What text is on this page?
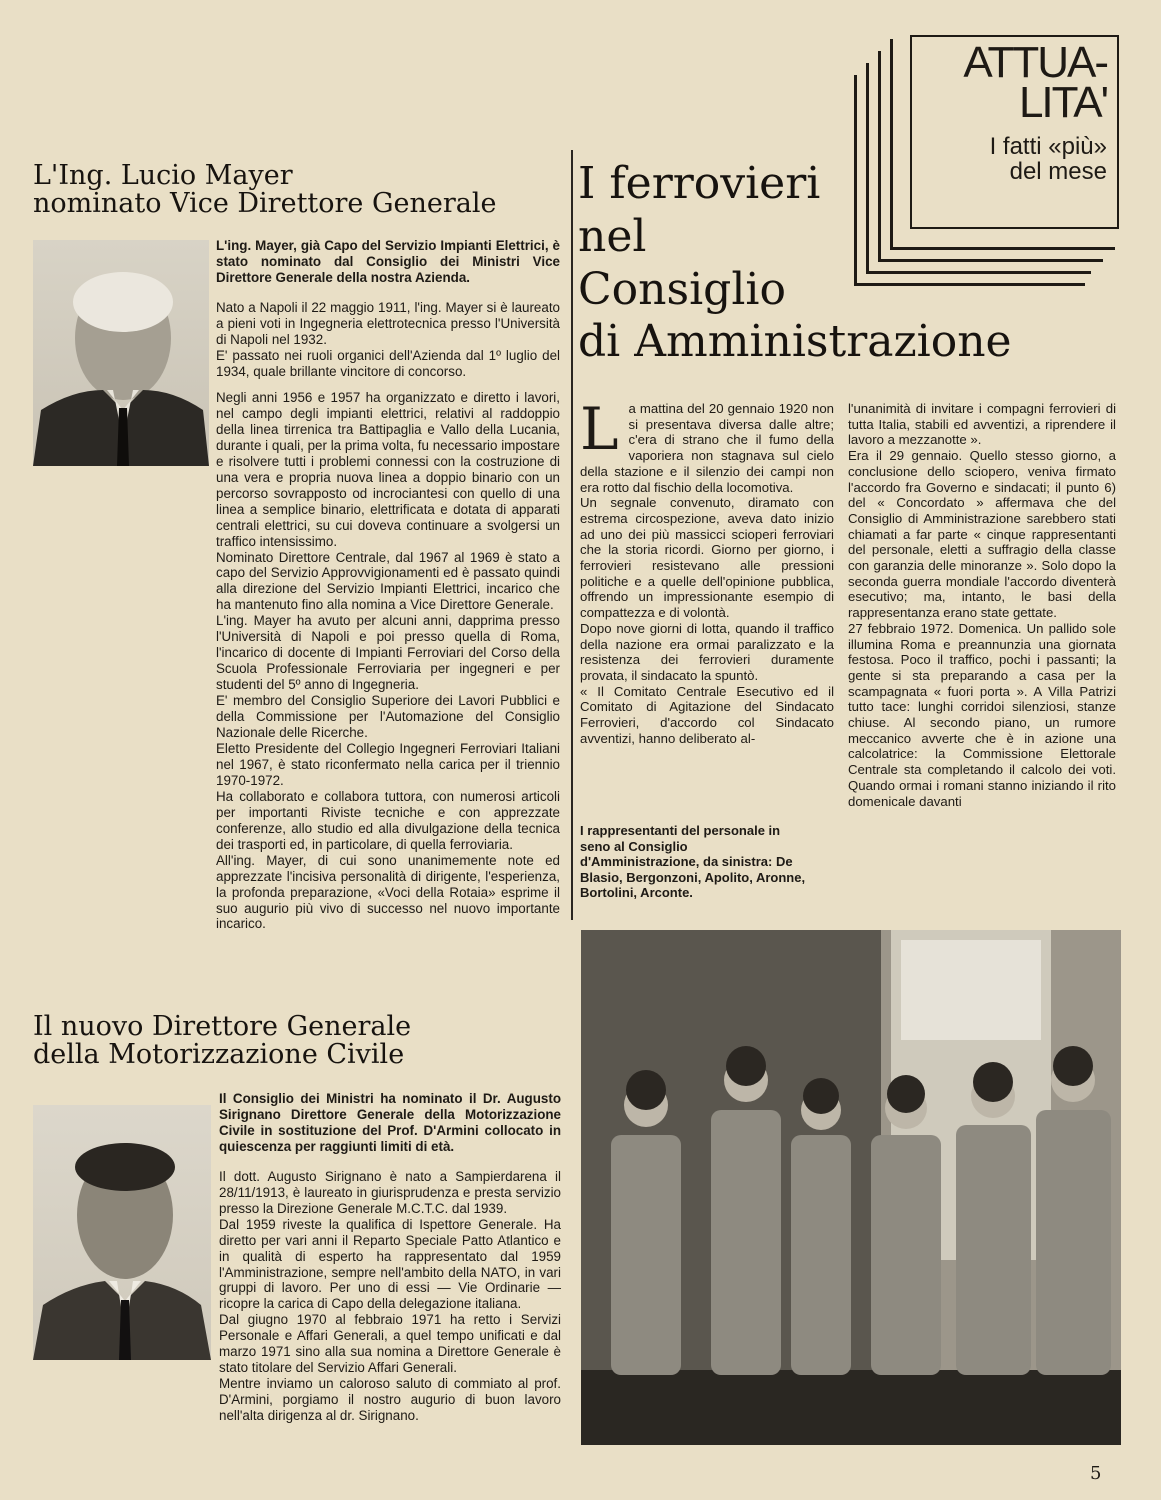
L'Ing. Lucio Mayer
nominato Vice Direttore Generale

L'ing. Mayer, già Capo del Servizio Impianti Elettrici, è stato nominato dal Consiglio dei Ministri Vice Direttore Generale della nostra Azienda.

Nato a Napoli il 22 maggio 1911, l'ing. Mayer si è laureato a pieni voti in Ingegneria elettrotecnica presso l'Università di Napoli nel 1932.

E' passato nei ruoli organici dell'Azienda dal 1º luglio del 1934, quale brillante vincitore di concorso.

Negli anni 1956 e 1957 ha organizzato e diretto i lavori, nel campo degli impianti elettrici, relativi al raddoppio della linea tirrenica tra Battipaglia e Vallo della Lucania, durante i quali, per la prima volta, fu necessario impostare e risolvere tutti i problemi connessi con la costruzione di una vera e propria nuova linea a doppio binario con un percorso sovrapposto od incrociantesi con quello di una linea a semplice binario, elettrificata e dotata di apparati centrali elettrici, su cui doveva continuare a svolgersi un traffico intensissimo.

Nominato Direttore Centrale, dal 1967 al 1969 è stato a capo del Servizio Approvvigionamenti ed è passato quindi alla direzione del Servizio Impianti Elettrici, incarico che ha mantenuto fino alla nomina a Vice Direttore Generale.

L'ing. Mayer ha avuto per alcuni anni, dapprima presso l'Università di Napoli e poi presso quella di Roma, l'incarico di docente di Impianti Ferroviari del Corso della Scuola Professionale Ferroviaria per ingegneri e per studenti del 5º anno di Ingegneria.

E' membro del Consiglio Superiore dei Lavori Pubblici e della Commissione per l'Automazione del Consiglio Nazionale delle Ricerche.

Eletto Presidente del Collegio Ingegneri Ferroviari Italiani nel 1967, è stato riconfermato nella carica per il triennio 1970-1972.

Ha collaborato e collabora tuttora, con numerosi articoli per importanti Riviste tecniche e con apprezzate conferenze, allo studio ed alla divulgazione della tecnica dei trasporti ed, in particolare, di quella ferroviaria.

All'ing. Mayer, di cui sono unanimemente note ed apprezzate l'incisiva personalità di dirigente, l'esperienza, la profonda preparazione, «Voci della Rotaia» esprime il suo augurio più vivo di successo nel nuovo importante incarico.

Il nuovo Direttore Generale
della Motorizzazione Civile

Il Consiglio dei Ministri ha nominato il Dr. Augusto Sirignano Direttore Generale della Motorizzazione Civile in sostituzione del Prof. D'Armini collocato in quiescenza per raggiunti limiti di età.

Il dott. Augusto Sirignano è nato a Sampierdarena il 28/11/1913, è laureato in giurisprudenza e presta servizio presso la Direzione Generale M.C.T.C. dal 1939.

Dal 1959 riveste la qualifica di Ispettore Generale. Ha diretto per vari anni il Reparto Speciale Patto Atlantico e in qualità di esperto ha rappresentato dal 1959 l'Amministrazione, sempre nell'ambito della NATO, in vari gruppi di lavoro. Per uno di essi — Vie Ordinarie — ricopre la carica di Capo della delegazione italiana.

Dal giugno 1970 al febbraio 1971 ha retto i Servizi Personale e Affari Generali, a quel tempo unificati e dal marzo 1971 sino alla sua nomina a Direttore Generale è stato titolare del Servizio Affari Generali.

Mentre inviamo un caloroso saluto di commiato al prof. D'Armini, porgiamo il nostro augurio di buon lavoro nell'alta dirigenza al dr. Sirignano.

I ferrovieri
nel
Consiglio
di Amministrazione
L a mattina del 20 gennaio 1920 non si presentava diversa dalle altre; c'era di strano che il fumo della vaporiera non stagnava sul cielo della stazione e il silenzio dei campi non era rotto dal fischio della locomotiva.

Un segnale convenuto, diramato con estrema circospezione, aveva dato inizio ad uno dei più massicci scioperi ferroviari che la storia ricordi. Giorno per giorno, i ferrovieri resistevano alle pressioni politiche e a quelle dell'opinione pubblica, offrendo un impressionante esempio di compattezza e di volontà.

Dopo nove giorni di lotta, quando il traffico della nazione era ormai paralizzato e la resistenza dei ferrovieri duramente provata, il sindacato la spuntò.

« Il Comitato Centrale Esecutivo ed il Comitato di Agitazione del Sindacato Ferrovieri, d'accordo col Sindacato avventizi, hanno deliberato al-

I rappresentanti del personale in seno al Consiglio d'Amministrazione, da sinistra: De Blasio, Bergonzoni, Apolito, Aronne, Bortolini, Arconte.

l'unanimità di invitare i compagni ferrovieri di tutta Italia, stabili ed avventizi, a riprendere il lavoro a mezzanotte ».

Era il 29 gennaio. Quello stesso giorno, a conclusione dello sciopero, veniva firmato l'accordo fra Governo e sindacati; il punto 6) del « Concordato » affermava che del Consiglio di Amministrazione sarebbero stati chiamati a far parte « cinque rappresentanti del personale, eletti a suffragio della classe con garanzia delle minoranze ». Solo dopo la seconda guerra mondiale l'accordo diventerà esecutivo; ma, intanto, le basi della rappresentanza erano state gettate.

27 febbraio 1972. Domenica. Un pallido sole illumina Roma e preannunzia una giornata festosa. Poco il traffico, pochi i passanti; la gente si sta preparando a casa per la scampagnata « fuori porta ». A Villa Patrizi tutto tace: lunghi corridoi silenziosi, stanze chiuse. Al secondo piano, un rumore meccanico avverte che è in azione una calcolatrice: la Commissione Elettorale Centrale sta completando il calcolo dei voti. Quando ormai i romani stanno iniziando il rito domenicale davanti

ATTUA-
LITA'
I fatti «più»
del mese
5
